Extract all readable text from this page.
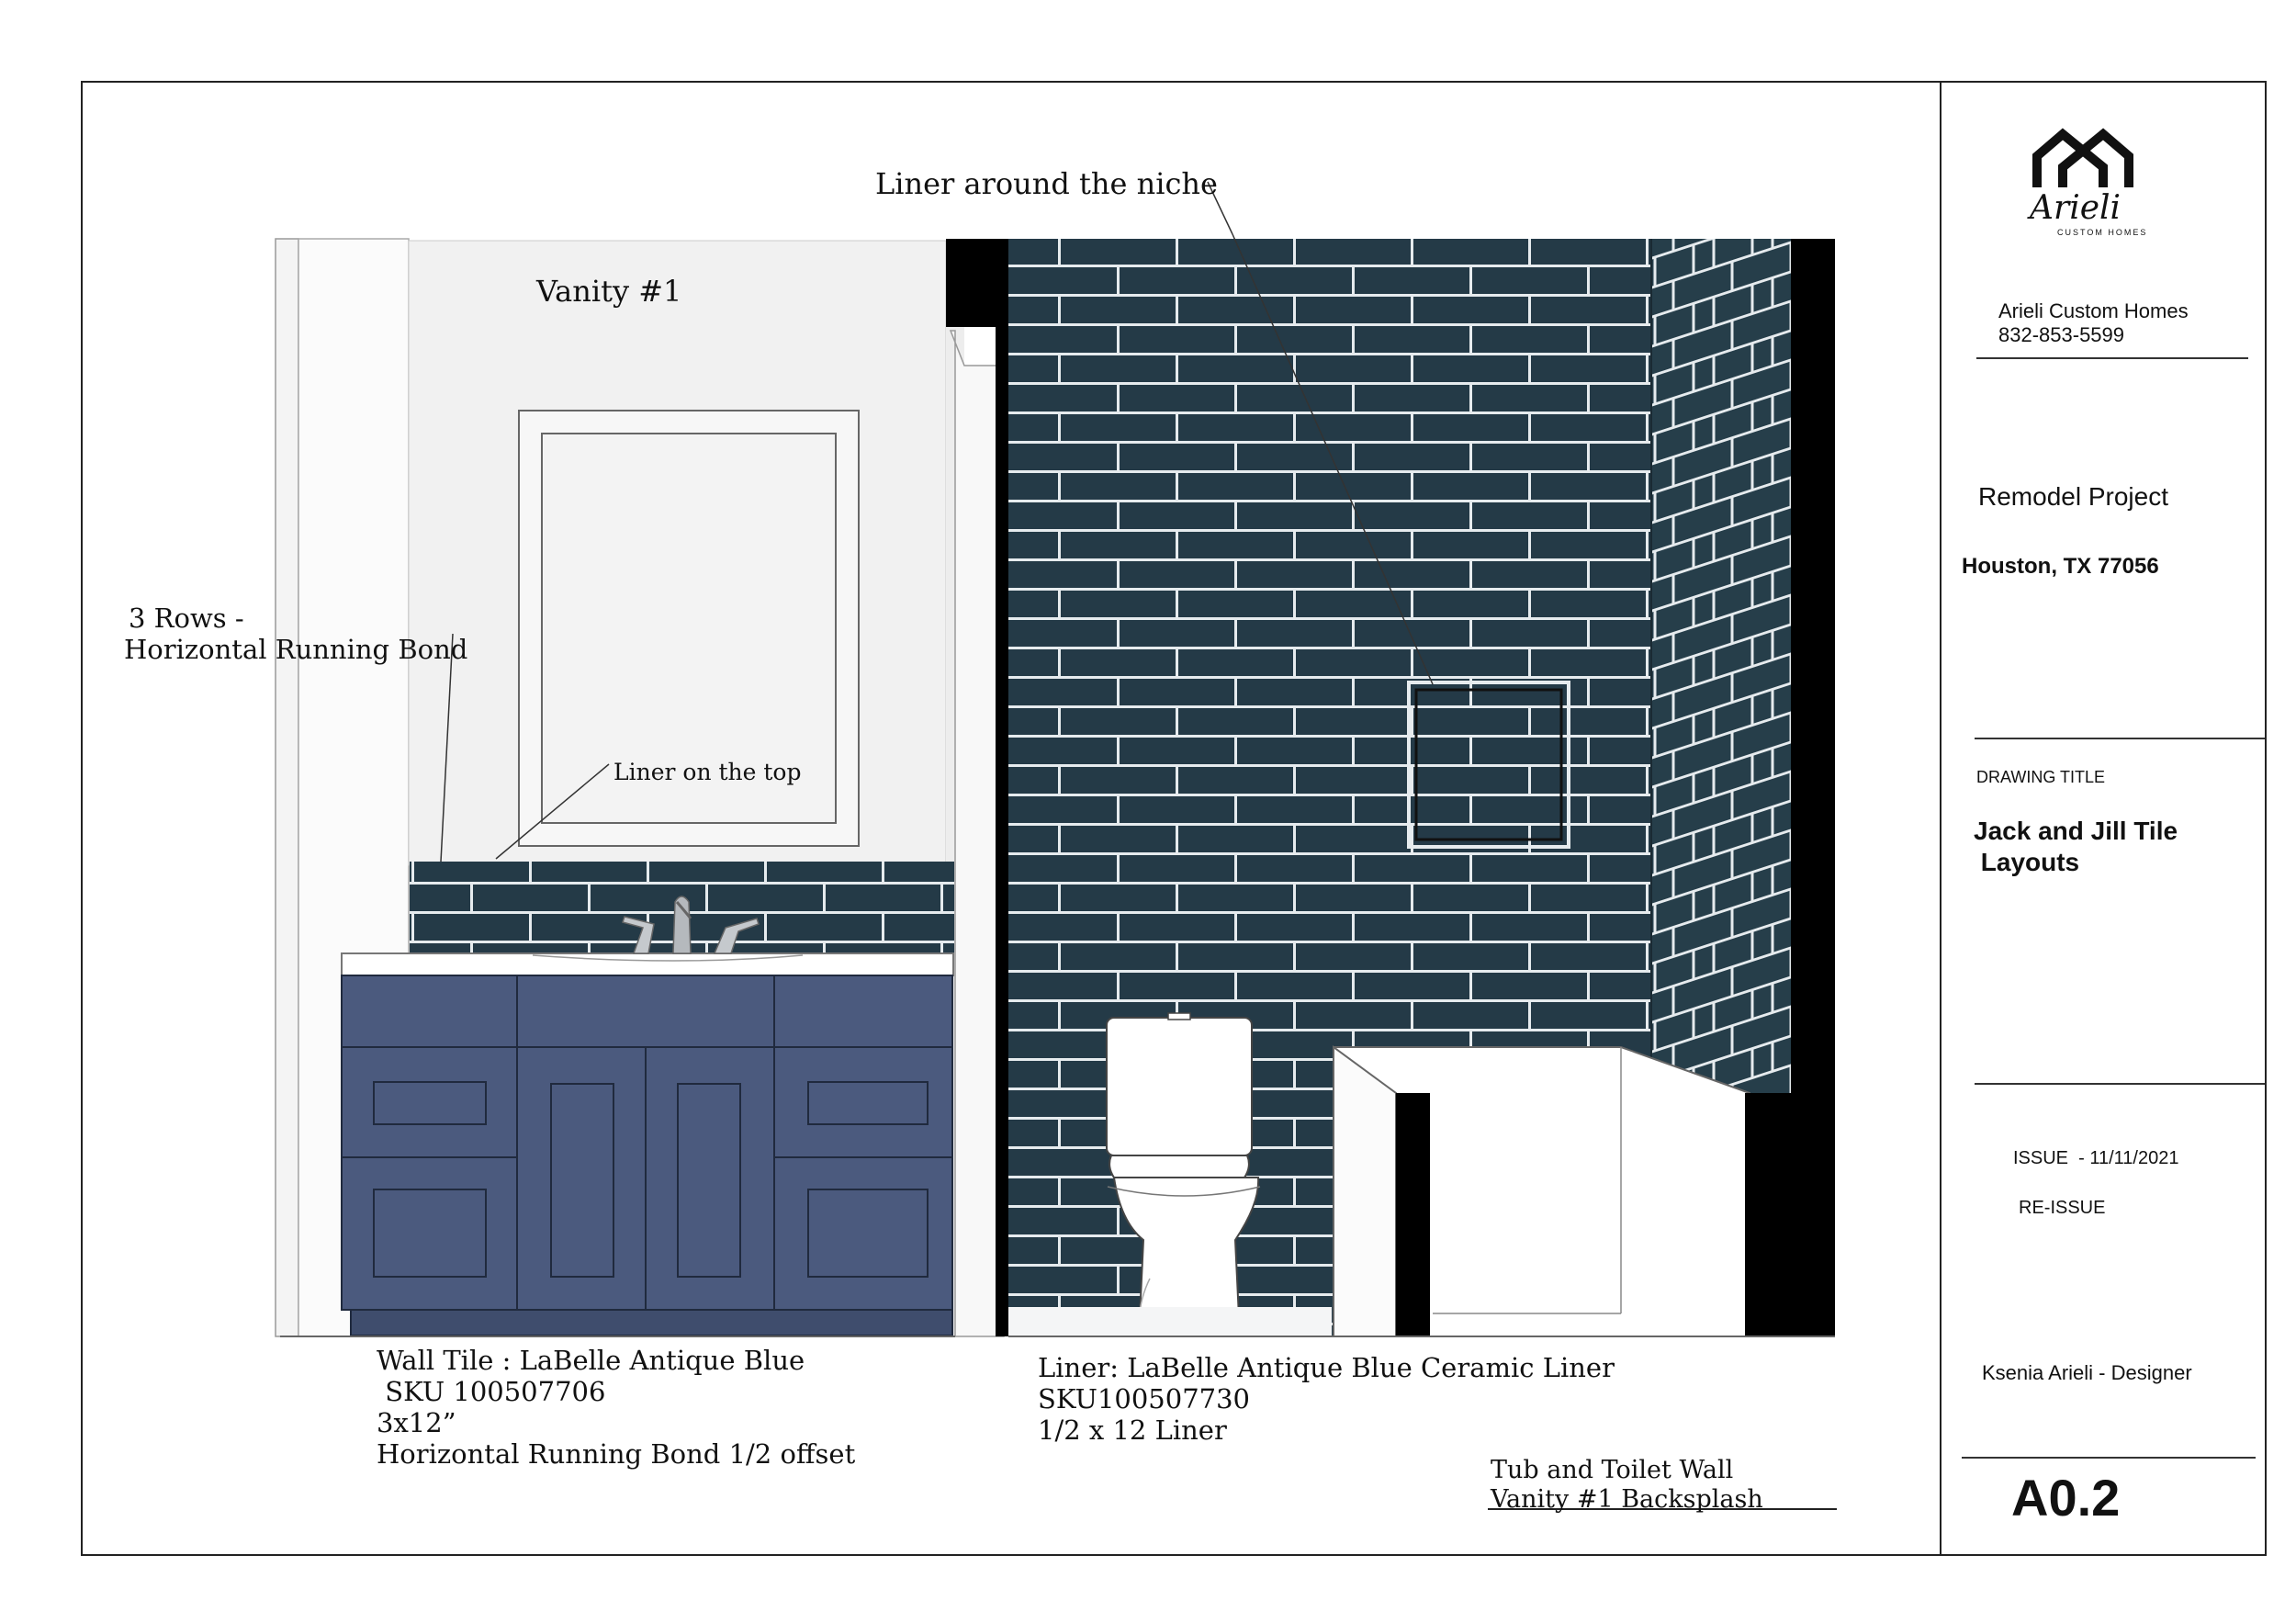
Liner around the niche
Vanity #1
3 Rows -
Horizontal Running Bond
Liner on the top
Wall Tile : LaBelle Antique Blue
SKU 100507706
3x12”
Horizontal Running Bond 1/2 offset
Liner: LaBelle Antique Blue Ceramic Liner
SKU100507730
1/2 x 12 Liner
Tub and Toilet Wall
Vanity #1 Backsplash
Arieli
CUSTOM HOMES
Arieli Custom Homes
832-853-5599
Remodel Project
Houston, TX 77056
DRAWING TITLE
Jack and Jill Tile
Layouts
ISSUE  - 11/11/2021
RE-ISSUE
Ksenia Arieli - Designer
A0.2
